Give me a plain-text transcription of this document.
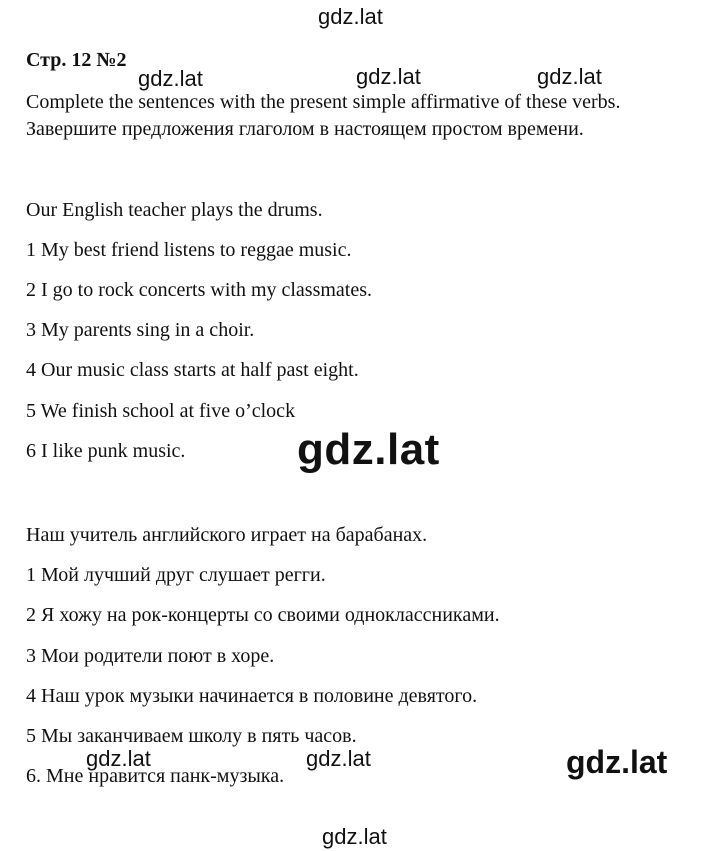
Стр. 12 №2
Complete the sentences with the present simple affirmative of these verbs.
Завершите предложения глаголом в настоящем простом времени.
Our English teacher plays the drums.
1 My best friend listens to reggae music.
2 I go to rock concerts with my classmates.
3 My parents sing in a choir.
4 Our music class starts at half past eight.
5 We finish school at five o’clock
6 I like punk music.
Наш учитель английского играет на барабанах.
1 Мой лучший друг слушает регги.
2 Я хожу на рок-концерты со своими одноклассниками.
3 Мои родители поют в хоре.
4 Наш урок музыки начинается в половине девятого.
5 Мы заканчиваем школу в пять часов.
6. Мне нравится панк-музыка.
gdz.lat
gdz.lat	gdz.lat	gdz.lat
gdz.lat
gdz.lat	gdz.lat	gdz.lat
gdz.lat
